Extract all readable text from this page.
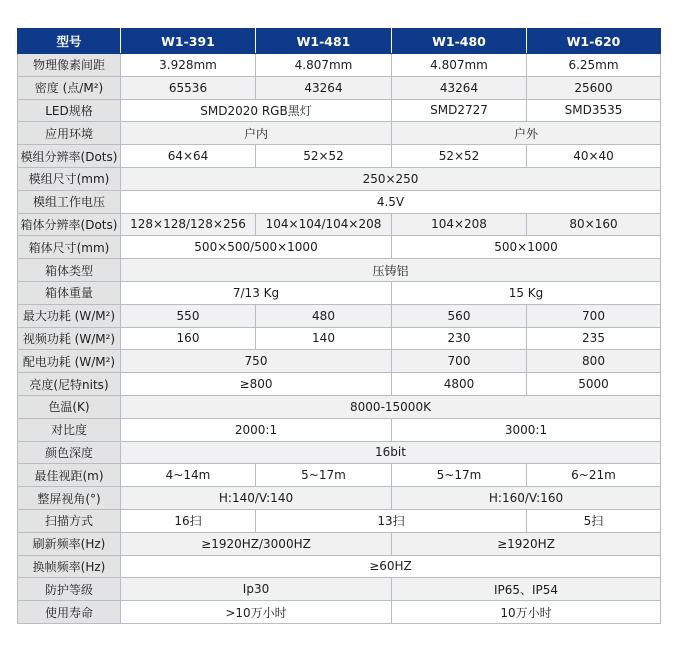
型号	W1-391	W1-481	W1-480	W1-620
物理像素间距	3.928mm	4.807mm	4.807mm	6.25mm
密度 (点/M²)	65536	43264	43264	25600
LED规格	SMD2020 RGB黑灯		SMD2727	SMD3535
应用环境	户内		户外	
模组分辨率(Dots)	64×64	52×52	52×52	40×40
模组尺寸(mm)	250×250			
模组工作电压	4.5V			
箱体分辨率(Dots)	128×128/128×256	104×104/104×208	104×208	80×160
箱体尺寸(mm)	500×500/500×1000		500×1000	
箱体类型	压铸铝			
箱体重量	7/13 Kg		15 Kg	
最大功耗 (W/M²)	550	480	560	700
视频功耗 (W/M²)	160	140	230	235
配电功耗 (W/M²)	750		700	800
亮度(尼特nits)	≥800		4800	5000
色温(K)	8000-15000K			
对比度	2000:1		3000:1	
颜色深度	16bit			
最佳视距(m)	4~14m	5~17m	5~17m	6~21m
整屏视角(°)	H:140/V:140		H:160/V:160	
扫描方式	16扫	13扫		5扫
刷新频率(Hz)	≥1920HZ/3000HZ		≥1920HZ	
换帧频率(Hz)	≥60HZ			
防护等级	Ip30		IP65、IP54	
使用寿命	>10万小时		10万小时	
